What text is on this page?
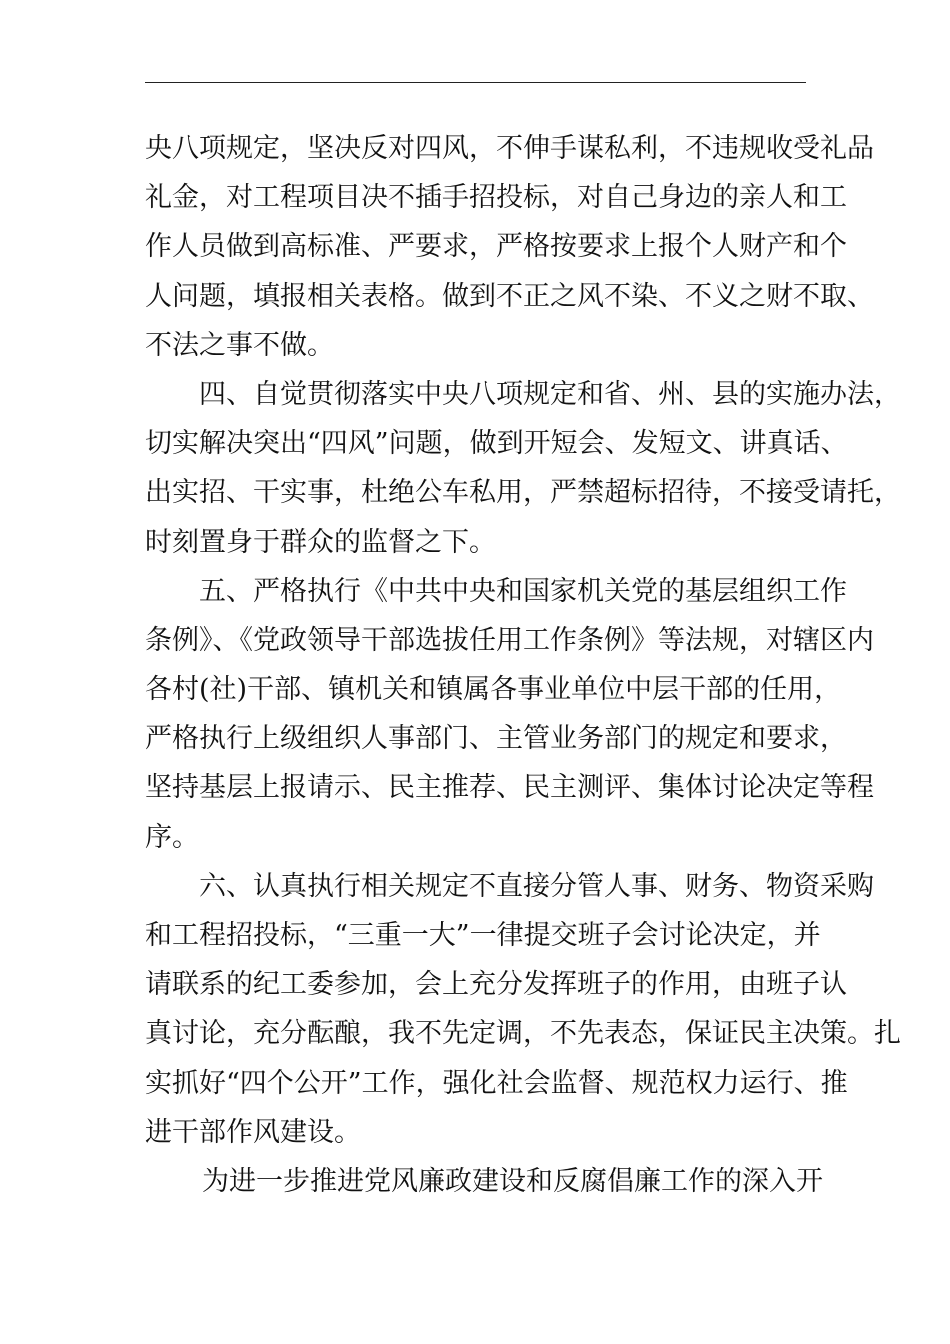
央八项规定，坚决反对四风，不伸手谋私利，不违规收受礼品
礼金，对工程项目决不插手招投标，对自己身边的亲人和工
作人员做到高标准、严要求，严格按要求上报个人财产和个
人问题，填报相关表格。做到不正之风不染、不义之财不取、
不法之事不做。
四、自觉贯彻落实中央八项规定和省、州、县的实施办法，
切实解决突出“四风”问题，做到开短会、发短文、讲真话、
出实招、干实事，杜绝公车私用，严禁超标招待，不接受请托，
时刻置身于群众的监督之下。
五、严格执行《中共中央和国家机关党的基层组织工作
条例》、《党政领导干部选拔任用工作条例》等法规，对辖区内
各村(社)干部、镇机关和镇属各事业单位中层干部的任用，
严格执行上级组织人事部门、主管业务部门的规定和要求，
坚持基层上报请示、民主推荐、民主测评、集体讨论决定等程
序。
六、认真执行相关规定不直接分管人事、财务、物资采购
和工程招投标，“三重一大”一律提交班子会讨论决定，并
请联系的纪工委参加，会上充分发挥班子的作用，由班子认
真讨论，充分酝酿，我不先定调，不先表态，保证民主决策。扎
实抓好“四个公开”工作，强化社会监督、规范权力运行、推
进干部作风建设。
为进一步推进党风廉政建设和反腐倡廉工作的深入开
